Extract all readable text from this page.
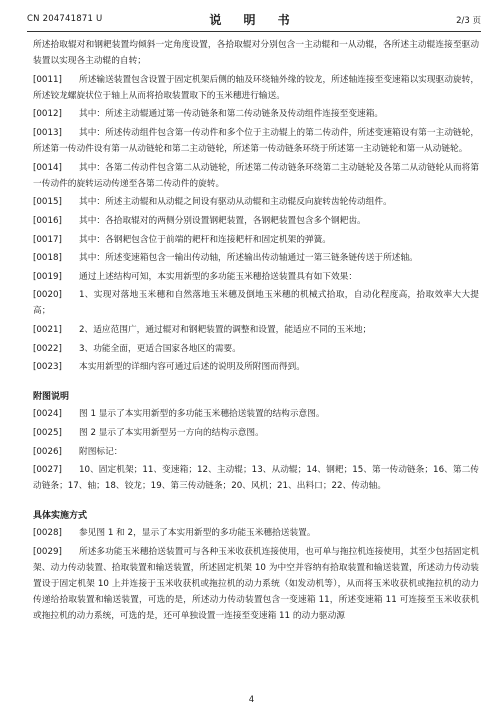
CN 204741871 U	说 明 书	2/3 页

所述拾取辊对和钢耙装置均倾斜一定角度设置，各拾取辊对分别包含一主动辊和一从动辊，各所述主动辊连接至驱动装置以实现各主动辊的自转；

[0011] 所述输送装置包含设置于固定机架后侧的轴及环绕轴外缘的铰龙，所述轴连接至变速箱以实现驱动旋转，所述铰龙螺旋状位于轴上从而将拾取装置取下的玉米穗进行输送。

[0012] 其中：所述主动辊通过第一传动链条和第二传动链条及传动组件连接至变速箱。

[0013] 其中：所述传动组件包含第一传动件和多个位于主动辊上的第二传动件，所述变速箱设有第一主动链轮，所述第一传动件设有第一从动链轮和第二主动链轮，所述第一传动链条环绕于所述第一主动链轮和第一从动链轮。

[0014] 其中：各第二传动件包含第二从动链轮，所述第二传动链条环绕第二主动链轮及各第二从动链轮从而将第一传动件的旋转运动传递至各第二传动件的旋转。

[0015] 其中：所述主动辊和从动辊之间设有驱动从动辊和主动辊反向旋转齿轮传动组件。

[0016] 其中：各拾取辊对的两侧分别设置钢耙装置，各钢耙装置包含多个钢耙齿。

[0017] 其中：各钢耙包含位于前端的耙杆和连接耙杆和固定机架的弹簧。

[0018] 其中：所述变速箱包含一输出传动轴，所述输出传动轴通过一第三链条链传送于所述轴。

[0019] 通过上述结构可知，本实用新型的多功能玉米穗拾送装置具有如下效果：

[0020] 1、实现对落地玉米穗和自然落地玉米穗及倒地玉米穗的机械式拾取，自动化程度高，拾取效率大大提高；

[0021] 2、适应范围广，通过辊对和钢耙装置的调整和设置，能适应不同的玉米地；

[0022] 3、功能全面，更适合国家各地区的需要。

[0023] 本实用新型的详细内容可通过后述的说明及所附图而得到。

附图说明

[0024] 图 1 显示了本实用新型的多功能玉米穗拾送装置的结构示意图。

[0025] 图 2 显示了本实用新型另一方向的结构示意图。

[0026] 附图标记：

[0027] 10、固定机架；11、变速箱；12、主动辊；13、从动辊；14、钢耙；15、第一传动链条；16、第二传动链条；17、轴；18、铰龙；19、第三传动链条；20、风机；21、出料口；22、传动轴。

具体实施方式

[0028] 参见图 1 和 2，显示了本实用新型的多功能玉米穗拾送装置。

[0029] 所述多功能玉米穗拾送装置可与各种玉米收获机连接使用，也可单与拖拉机连接使用，其至少包括固定机架、动力传动装置、拾取装置和输送装置，所述固定机架 10 为中空并容纳有拾取装置和输送装置，所述动力传动装置设于固定机架 10 上并连接于玉米收获机或拖拉机的动力系统（如发动机等），从而将玉米收获机或拖拉机的动力传递给拾取装置和输送装置，可选的是，所述动力传动装置包含一变速箱 11，所述变速箱 11 可连接至玉米收获机或拖拉机的动力系统，可选的是，还可单独设置一连接至变速箱 11 的动力驱动源

4
